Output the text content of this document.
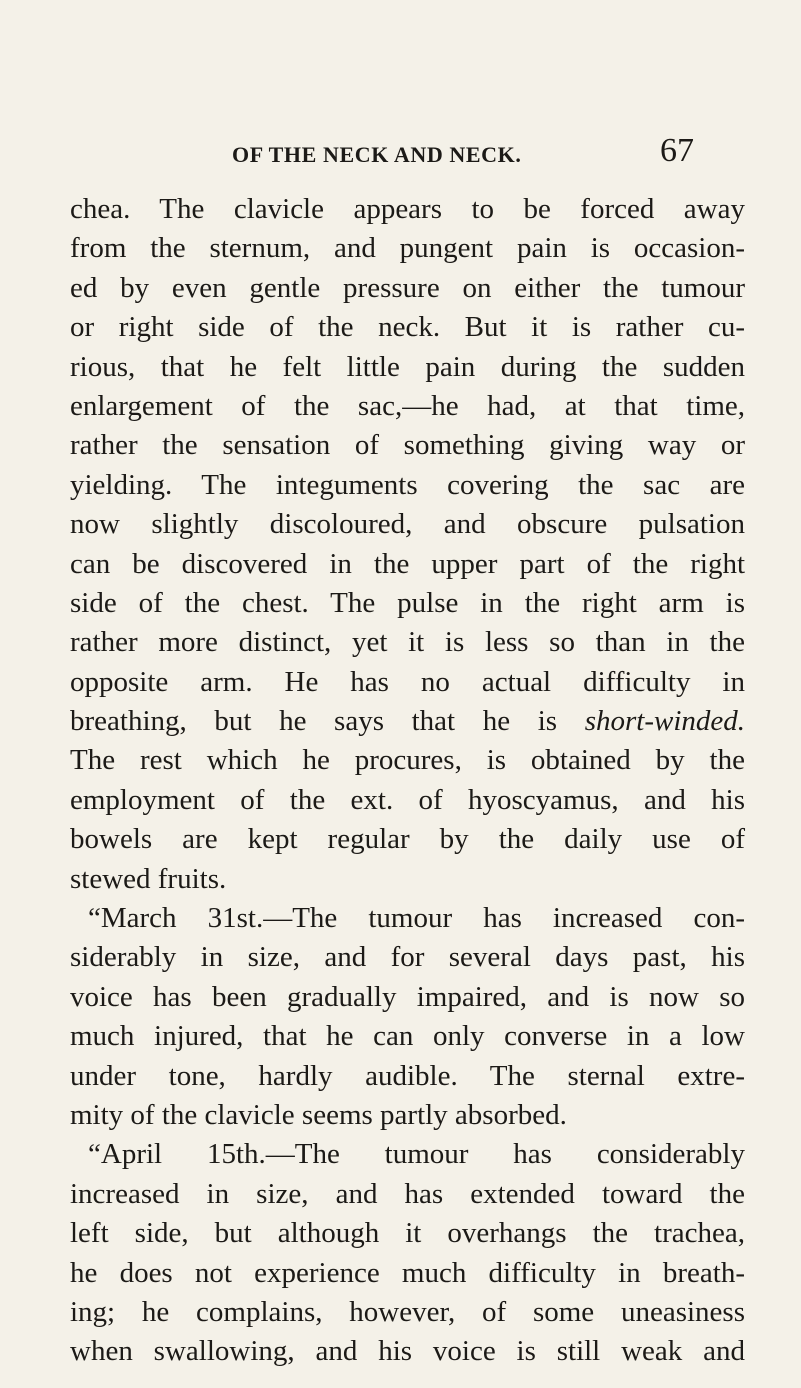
OF THE NECK AND NECK.	67
chea. The clavicle appears to be forced away
from the sternum, and pungent pain is occasion-
ed by even gentle pressure on either the tumour
or right side of the neck. But it is rather cu-
rious, that he felt little pain during the sudden
enlargement of the sac,—he had, at that time,
rather the sensation of something giving way or
yielding. The integuments covering the sac are
now slightly discoloured, and obscure pulsation
can be discovered in the upper part of the right
side of the chest. The pulse in the right arm is
rather more distinct, yet it is less so than in the
opposite arm. He has no actual difficulty in
breathing, but he says that he is short-winded.
The rest which he procures, is obtained by the
employment of the ext. of hyoscyamus, and his
bowels are kept regular by the daily use of
stewed fruits.
“March 31st.—The tumour has increased con-
siderably in size, and for several days past, his
voice has been gradually impaired, and is now so
much injured, that he can only converse in a low
under tone, hardly audible. The sternal extre-
mity of the clavicle seems partly absorbed.
“April 15th.—The tumour has considerably
increased in size, and has extended toward the
left side, but although it overhangs the trachea,
he does not experience much difficulty in breath-
ing; he complains, however, of some uneasiness
when swallowing, and his voice is still weak and
